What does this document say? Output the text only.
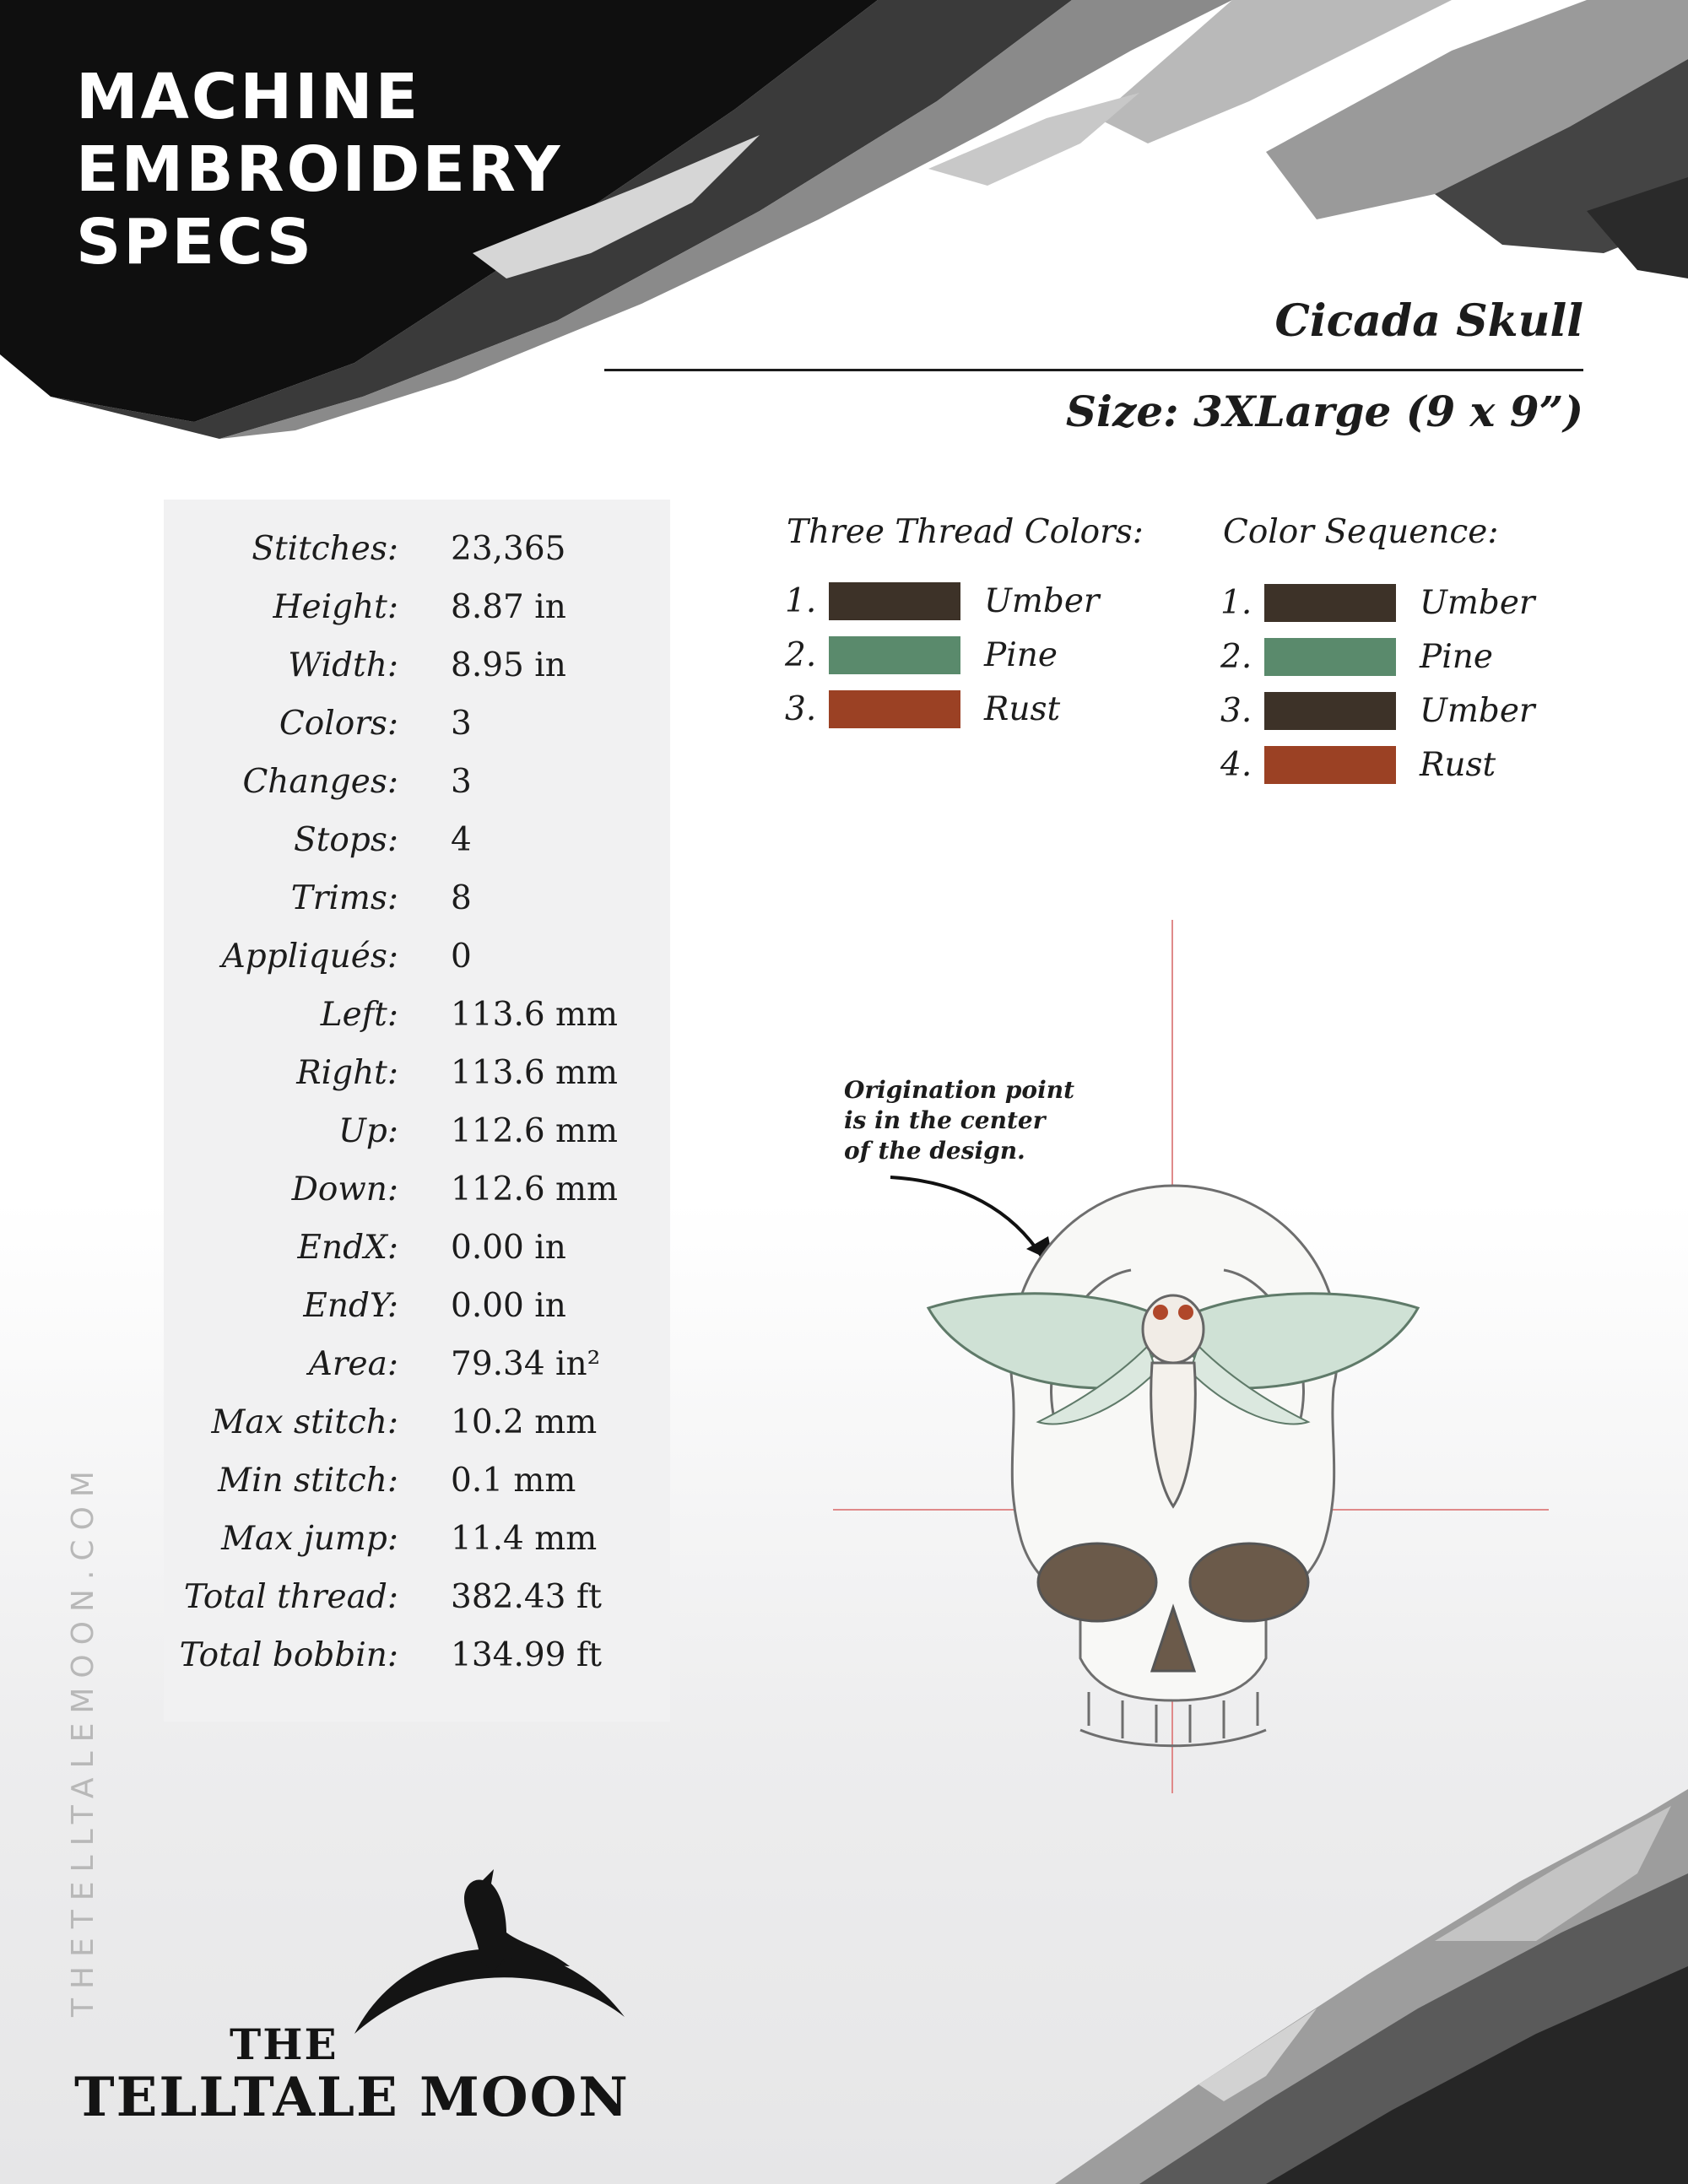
MACHINE
EMBROIDERY
SPECS
Cicada Skull
Size: 3XLarge (9 x 9”)
Stitches: 23,365
Height: 8.87 in
Width: 8.95 in
Colors: 3
Changes: 3
Stops: 4
Trims: 8
Appliqués: 0
Left: 113.6 mm
Right: 113.6 mm
Up: 112.6 mm
Down: 112.6 mm
EndX: 0.00 in
EndY: 0.00 in
Area: 79.34 in²
Max stitch: 10.2 mm
Min stitch: 0.1 mm
Max jump: 11.4 mm
Total thread: 382.43 ft
Total bobbin: 134.99 ft
Three Thread Colors:
1.	Umber
2.	Pine
3.	Rust
Color Sequence:
1.	Umber
2.	Pine
3.	Umber
4.	Rust
Origination point
is in the center
of the design.
THETELLTALEMOON.COM
THE
TELLTALE MOON
